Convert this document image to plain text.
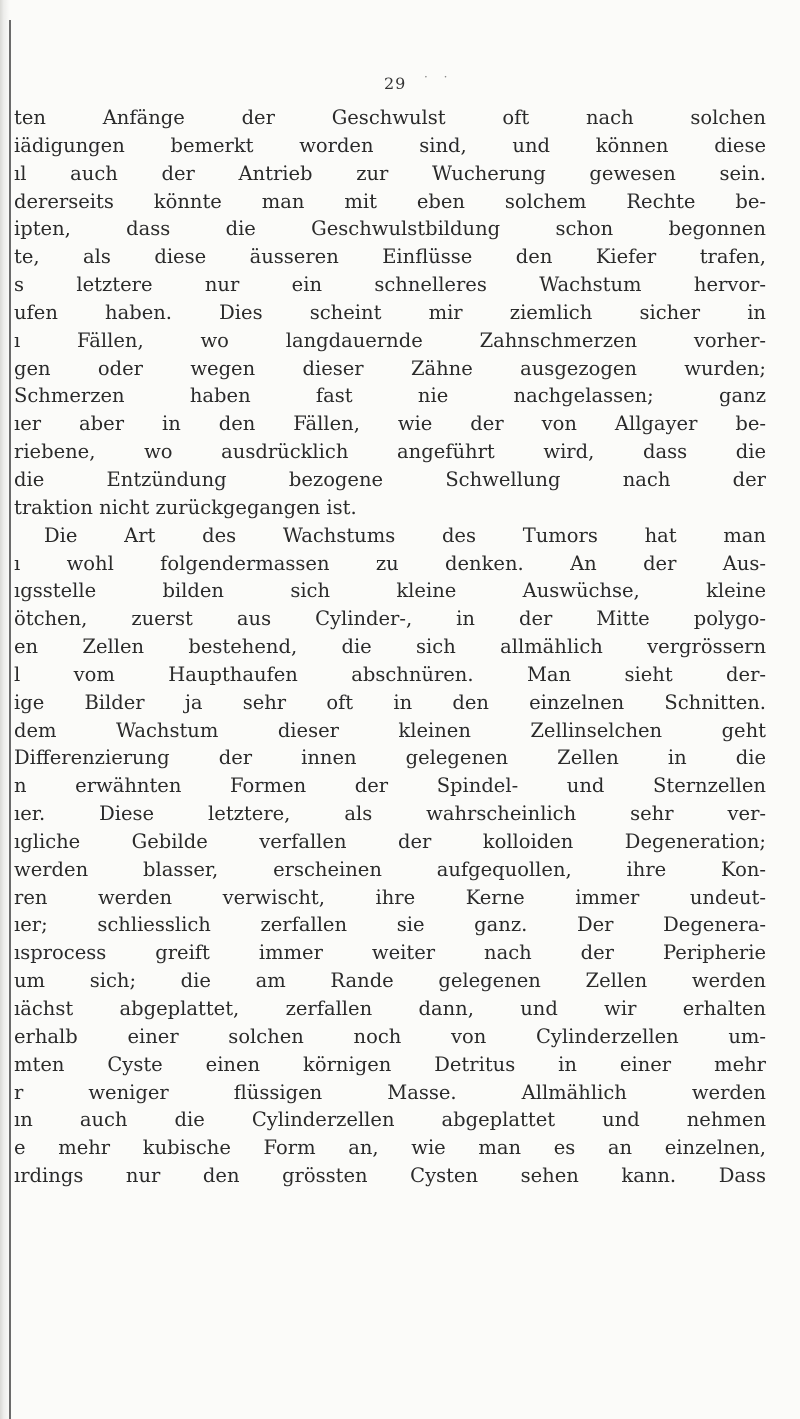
29 · ·
ten Anfänge der Geschwulst oft nach solchen
iädigungen bemerkt worden sind, und können diese
ıl auch der Antrieb zur Wucherung gewesen sein.
dererseits könnte man mit eben solchem Rechte be-
ipten, dass die Geschwulstbildung schon begonnen
te, als diese äusseren Einflüsse den Kiefer trafen,
s letztere nur ein schnelleres Wachstum hervor-
ufen haben. Dies scheint mir ziemlich sicher in
ı Fällen, wo langdauernde Zahnschmerzen vorher-
gen oder wegen dieser Zähne ausgezogen wurden;
Schmerzen haben fast nie nachgelassen; ganz
ıer aber in den Fällen, wie der von Allgayer be-
riebene, wo ausdrücklich angeführt wird, dass die
die Entzündung bezogene Schwellung nach der
traktion nicht zurückgegangen ist.
Die Art des Wachstums des Tumors hat man
ı wohl folgendermassen zu denken. An der Aus-
ıgsstelle bilden sich kleine Auswüchse, kleine
ötchen, zuerst aus Cylinder-, in der Mitte polygo-
en Zellen bestehend, die sich allmählich vergrössern
l vom Haupthaufen abschnüren. Man sieht der-
ige Bilder ja sehr oft in den einzelnen Schnitten.
dem Wachstum dieser kleinen Zellinselchen geht
Differenzierung der innen gelegenen Zellen in die
n erwähnten Formen der Spindel- und Sternzellen
ıer. Diese letztere, als wahrscheinlich sehr ver-
ıgliche Gebilde verfallen der kolloiden Degeneration;
werden blasser, erscheinen aufgequollen, ihre Kon-
ren werden verwischt, ihre Kerne immer undeut-
ıer; schliesslich zerfallen sie ganz. Der Degenera-
ısprocess greift immer weiter nach der Peripherie
um sich; die am Rande gelegenen Zellen werden
ıächst abgeplattet, zerfallen dann, und wir erhalten
erhalb einer solchen noch von Cylinderzellen um-
mten Cyste einen körnigen Detritus in einer mehr
r weniger flüssigen Masse. Allmählich werden
ın auch die Cylinderzellen abgeplattet und nehmen
e mehr kubische Form an, wie man es an einzelnen,
ırdings nur den grössten Cysten sehen kann. Dass
